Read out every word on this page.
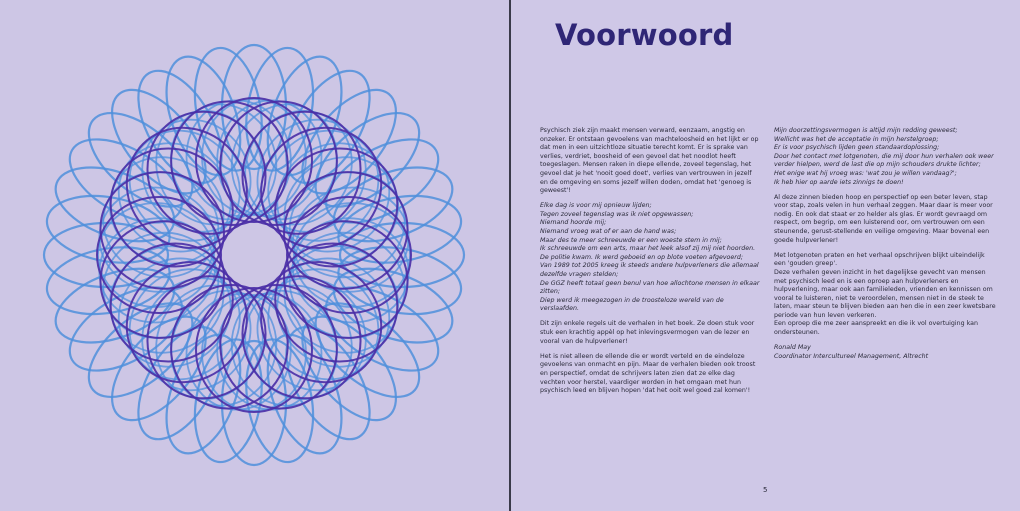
Voorwoord

Psychisch ziek zijn maakt mensen verward, eenzaam, angstig en onzeker. Er ontstaan gevoelens van machteloosheid en het lijkt er op dat men in een uitzichtloze situatie terecht komt. Er is sprake van verlies, verdriet, boosheid of een gevoel dat het noodlot heeft toegeslagen. Mensen raken in diepe ellende, zoveel tegenslag, het gevoel dat je het 'nooit goed doet', verlies van vertrouwen in jezelf en de omgeving en soms jezelf willen doden, omdat het 'genoeg is geweest'!

Elke dag is voor mij opnieuw lijden;
Tegen zoveel tegenslag was ik niet opgewassen;
Niemand hoorde mij;
Niemand vroeg wat of er aan de hand was;
Maar des te meer schreeuwde er een woeste stem in mij;
Ik schreeuwde om een arts, maar het leek alsof zij mij niet hoorden. De politie kwam. Ik werd geboeid en op blote voeten afgevoerd;
Van 1989 tot 2005 kreeg ik steeds andere hulpverleners die allemaal dezelfde vragen stelden;
De GGZ heeft totaal geen benul van hoe allochtone mensen in elkaar zitten;
Diep werd ik meegezogen in de troosteloze wereld van de verslaafden.

Dit zijn enkele regels uit de verhalen in het boek. Ze doen stuk voor stuk een krachtig appèl op het inlevingsvermogen van de lezer en vooral van de hulpverlener!

Het is niet alleen de ellende die er wordt verteld en de eindeloze gevoelens van onmacht en pijn. Maar de verhalen bieden ook troost en perspectief, omdat de schrijvers laten zien dat ze elke dag vechten voor herstel, vaardiger worden in het omgaan met hun psychisch leed en blijven hopen 'dat het ooit wel goed zal komen'!

Mijn doorzettingsvermogen is altijd mijn redding geweest;
Wellicht was het de acceptatie in mijn herstelgroep;
Er is voor psychisch lijden geen standaardoplossing;
Door het contact met lotgenoten, die mij door hun verhalen ook weer verder hielpen, werd de last die op mijn schouders drukte lichter;
Het enige wat hij vroeg was: 'wat zou je willen vandaag?';
Ik heb hier op aarde iets zinnigs te doen!

Al deze zinnen bieden hoop en perspectief op een beter leven, stap voor stap, zoals velen in hun verhaal zeggen. Maar daar is meer voor nodig. En ook dat staat er zo helder als glas. Er wordt gevraagd om respect, om begrip, om een luisterend oor, om vertrouwen om een steunende, gerust-stellende en veilige omgeving. Maar bovenal een goede hulpverlener!

Met lotgenoten praten en het verhaal opschrijven blijkt uiteindelijk een 'gouden greep'.

Deze verhalen geven inzicht in het dagelijkse gevecht van mensen met psychisch leed en is een oproep aan hulpverleners en hulpverlening, maar ook aan familieleden, vrienden en kennissen om vooral te luisteren, niet te veroordelen, mensen niet in de steek te laten, maar steun te blijven bieden aan hen die in een zeer kwetsbare periode van hun leven verkeren.

Een oproep die me zeer aanspreekt en die ik vol overtuiging kan ondersteunen.

Ronald May
Coordinator Intercultureel Management, Altrecht

5
